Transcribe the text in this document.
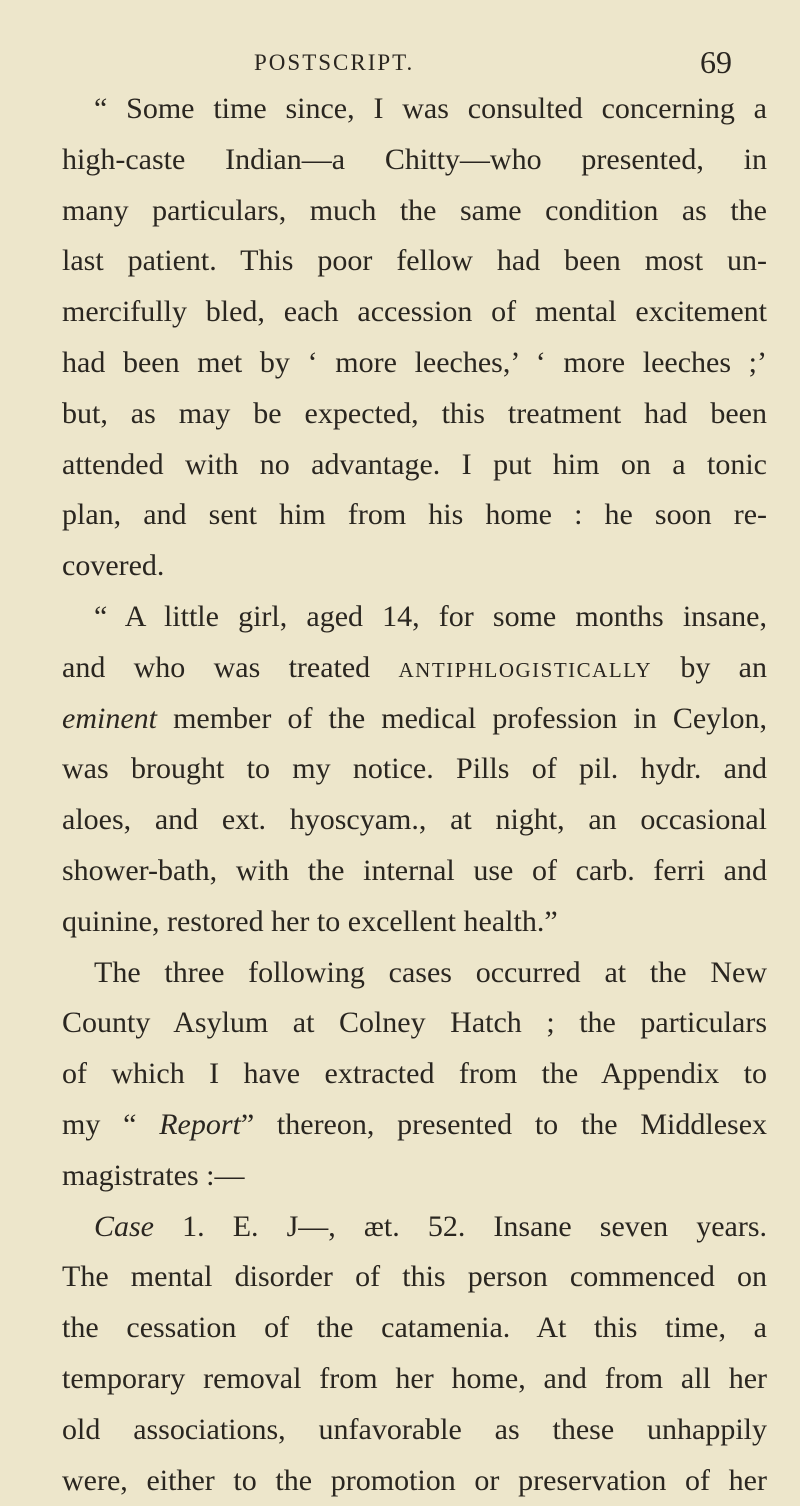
POSTSCRIPT.	69
“ Some time since, I was consulted concerning a
high-caste Indian—a Chitty—who presented, in
many particulars, much the same condition as the
last patient. This poor fellow had been most un-
mercifully bled, each accession of mental excitement
had been met by ‘ more leeches,’ ‘ more leeches ;’
but, as may be expected, this treatment had been
attended with no advantage. I put him on a tonic
plan, and sent him from his home : he soon re-
covered.
“ A little girl, aged 14, for some months insane,
and who was treated antiphlogistically by an
eminent member of the medical profession in Ceylon,
was brought to my notice. Pills of pil. hydr. and
aloes, and ext. hyoscyam., at night, an occasional
shower-bath, with the internal use of carb. ferri and
quinine, restored her to excellent health.”
The three following cases occurred at the New
County Asylum at Colney Hatch ; the particulars
of which I have extracted from the Appendix to
my “ Report” thereon, presented to the Middlesex
magistrates :—
Case 1. E. J—, æt. 52. Insane seven years.
The mental disorder of this person commenced on
the cessation of the catamenia. At this time, a
temporary removal from her home, and from all her
old associations, unfavorable as these unhappily
were, either to the promotion or preservation of her
